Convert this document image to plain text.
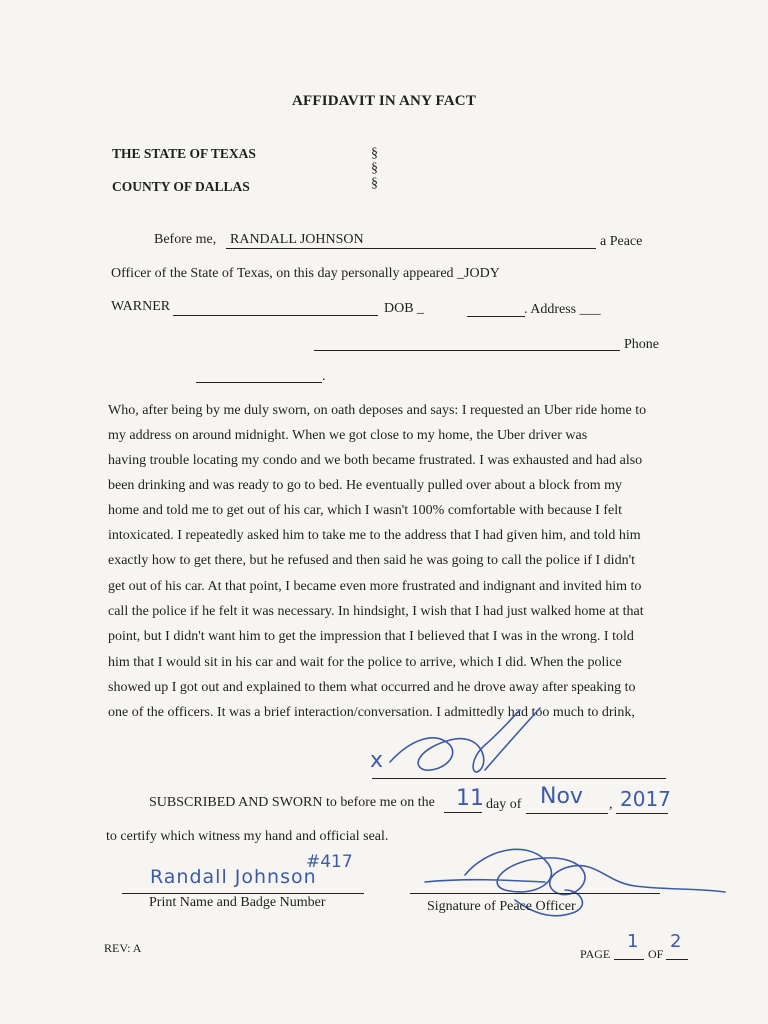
AFFIDAVIT IN ANY FACT
THE STATE OF TEXAS
COUNTY OF DALLAS
§
§
§
Before me, RANDALL JOHNSON	a Peace
Officer of the State of Texas, on this day personally appeared _JODY
WARNER	DOB _	. Address ___
Phone
.
Who, after being by me duly sworn, on oath deposes and says: I requested an Uber ride home to
my address on around midnight. When we got close to my home, the Uber driver was
having trouble locating my condo and we both became frustrated. I was exhausted and had also
been drinking and was ready to go to bed. He eventually pulled over about a block from my
home and told me to get out of his car, which I wasn't 100% comfortable with because I felt
intoxicated. I repeatedly asked him to take me to the address that I had given him, and told him
exactly how to get there, but he refused and then said he was going to call the police if I didn't
get out of his car. At that point, I became even more frustrated and indignant and invited him to
call the police if he felt it was necessary. In hindsight, I wish that I had just walked home at that
point, but I didn't want him to get the impression that I believed that I was in the wrong. I told
him that I would sit in his car and wait for the police to arrive, which I did. When the police
showed up I got out and explained to them what occurred and he drove away after speaking to
one of the officers. It was a brief interaction/conversation. I admittedly had too much to drink,
x
SUBSCRIBED AND SWORN to before me on the 11 day of Nov , 2017
to certify which witness my hand and official seal.
#417
Randall Johnson
Print Name and Badge Number	Signature of Peace Officer
REV: A	PAGE
1
OF
2
